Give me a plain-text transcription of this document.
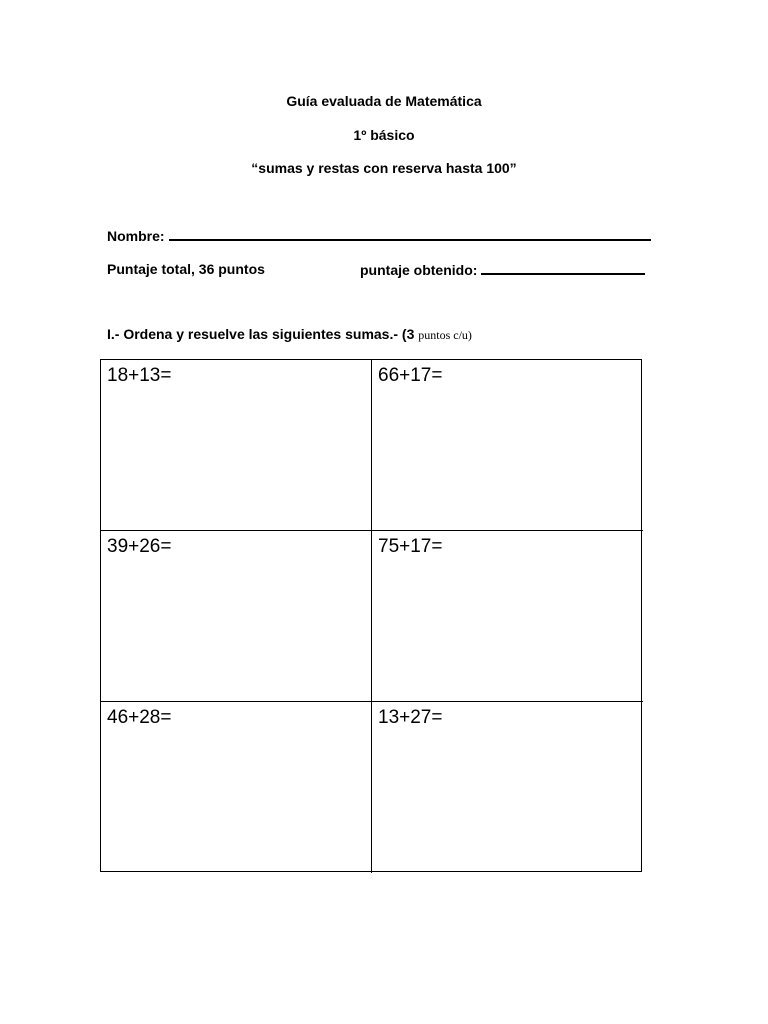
Guía evaluada de Matemática
1º básico
“sumas y restas con reserva hasta 100”
Nombre:
Puntaje total, 36 puntos	puntaje obtenido:
I.- Ordena y resuelve las siguientes sumas.- (3 puntos c/u)
18+13=	66+17=
39+26=	75+17=
46+28=	13+27=
